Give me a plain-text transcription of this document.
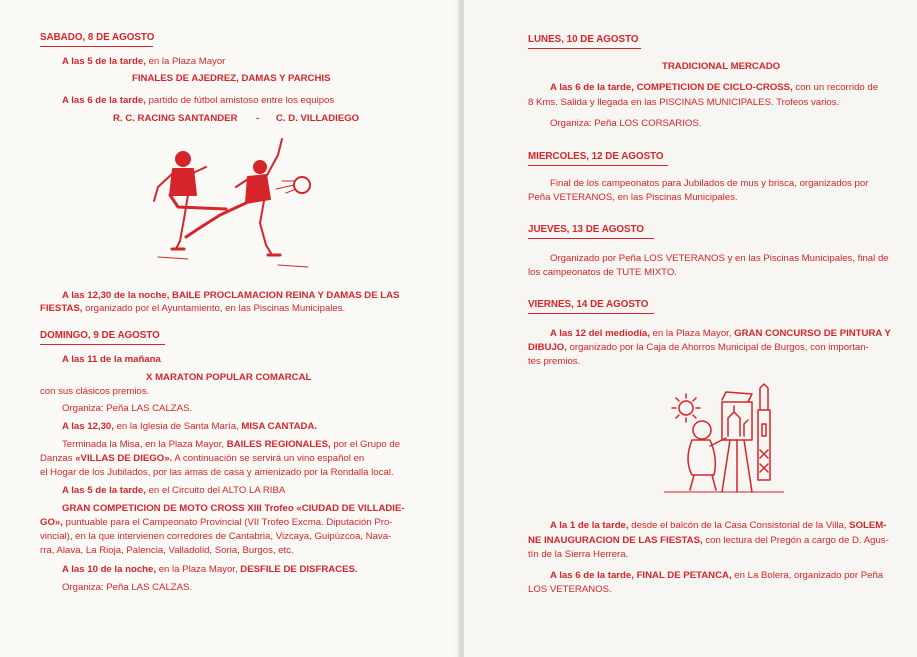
SABADO, 8 DE AGOSTO
A las 5 de la tarde, en la Plaza Mayor
FINALES DE AJEDREZ, DAMAS Y PARCHIS
A las 6 de la tarde, partido de fútbol amistoso entre los equipos
R. C. RACING SANTANDER - C. D. VILLADIEGO
A las 12,30 de la noche, BAILE PROCLAMACION REINA Y DAMAS DE LAS
FIESTAS, organizado por el Ayuntamiento, en las Piscinas Municipales.
DOMINGO, 9 DE AGOSTO
A las 11 de la mañana
X MARATON POPULAR COMARCAL
con sus clásicos premios.
Organiza: Peña LAS CALZAS.
A las 12,30, en la Iglesia de Santa María, MISA CANTADA.
Terminada la Misa, en la Plaza Mayor, BAILES REGIONALES, por el Grupo de
Danzas «VILLAS DE DIEGO». A continuación se servirá un vino español en
el Hogar de los Jubilados, por las amas de casa y amenizado por la Rondalla local.
A las 5 de la tarde, en el Circuito del ALTO LA RIBA
GRAN COMPETICION DE MOTO CROSS XIII Trofeo «CIUDAD DE VILLADIE-
GO», puntuable para el Campeonato Provincial (VII Trofeo Excma. Diputación Pro-
vincial), en la que intervienen corredores de Cantabria, Vizcaya, Guipúzcoa, Nava-
rra, Alava, La Rioja, Palencia, Valladolid, Soria, Burgos, etc.
A las 10 de la noche, en la Plaza Mayor, DESFILE DE DISFRACES.
Organiza: Peña LAS CALZAS.
LUNES, 10 DE AGOSTO
TRADICIONAL MERCADO
A las 6 de la tarde, COMPETICION DE CICLO-CROSS, con un recorrido de
8 Kms. Salida y llegada en las PISCINAS MUNICIPALES. Trofeos varios.
Organiza: Peña LOS CORSARIOS.
MIERCOLES, 12 DE AGOSTO
Final de los campeonatos para Jubilados de mus y brisca, organizados por
Peña VETERANOS, en las Piscinas Municipales.
JUEVES, 13 DE AGOSTO
Organizado por Peña LOS VETERANOS y en las Piscinas Municipales, final de
los campeonatos de TUTE MIXTO.
VIERNES, 14 DE AGOSTO
A las 12 del mediodía, en la Plaza Mayor, GRAN CONCURSO DE PINTURA Y
DIBUJO, organizado por la Caja de Ahorros Municipal de Burgos, con importan-
tes premios.
A la 1 de la tarde, desde el balcón de la Casa Consistorial de la Villa, SOLEM-
NE INAUGURACION DE LAS FIESTAS, con lectura del Pregón a cargo de D. Agus-
tín de la Sierra Herrera.
A las 6 de la tarde, FINAL DE PETANCA, en La Bolera, organizado por Peña
LOS VETERANOS.
